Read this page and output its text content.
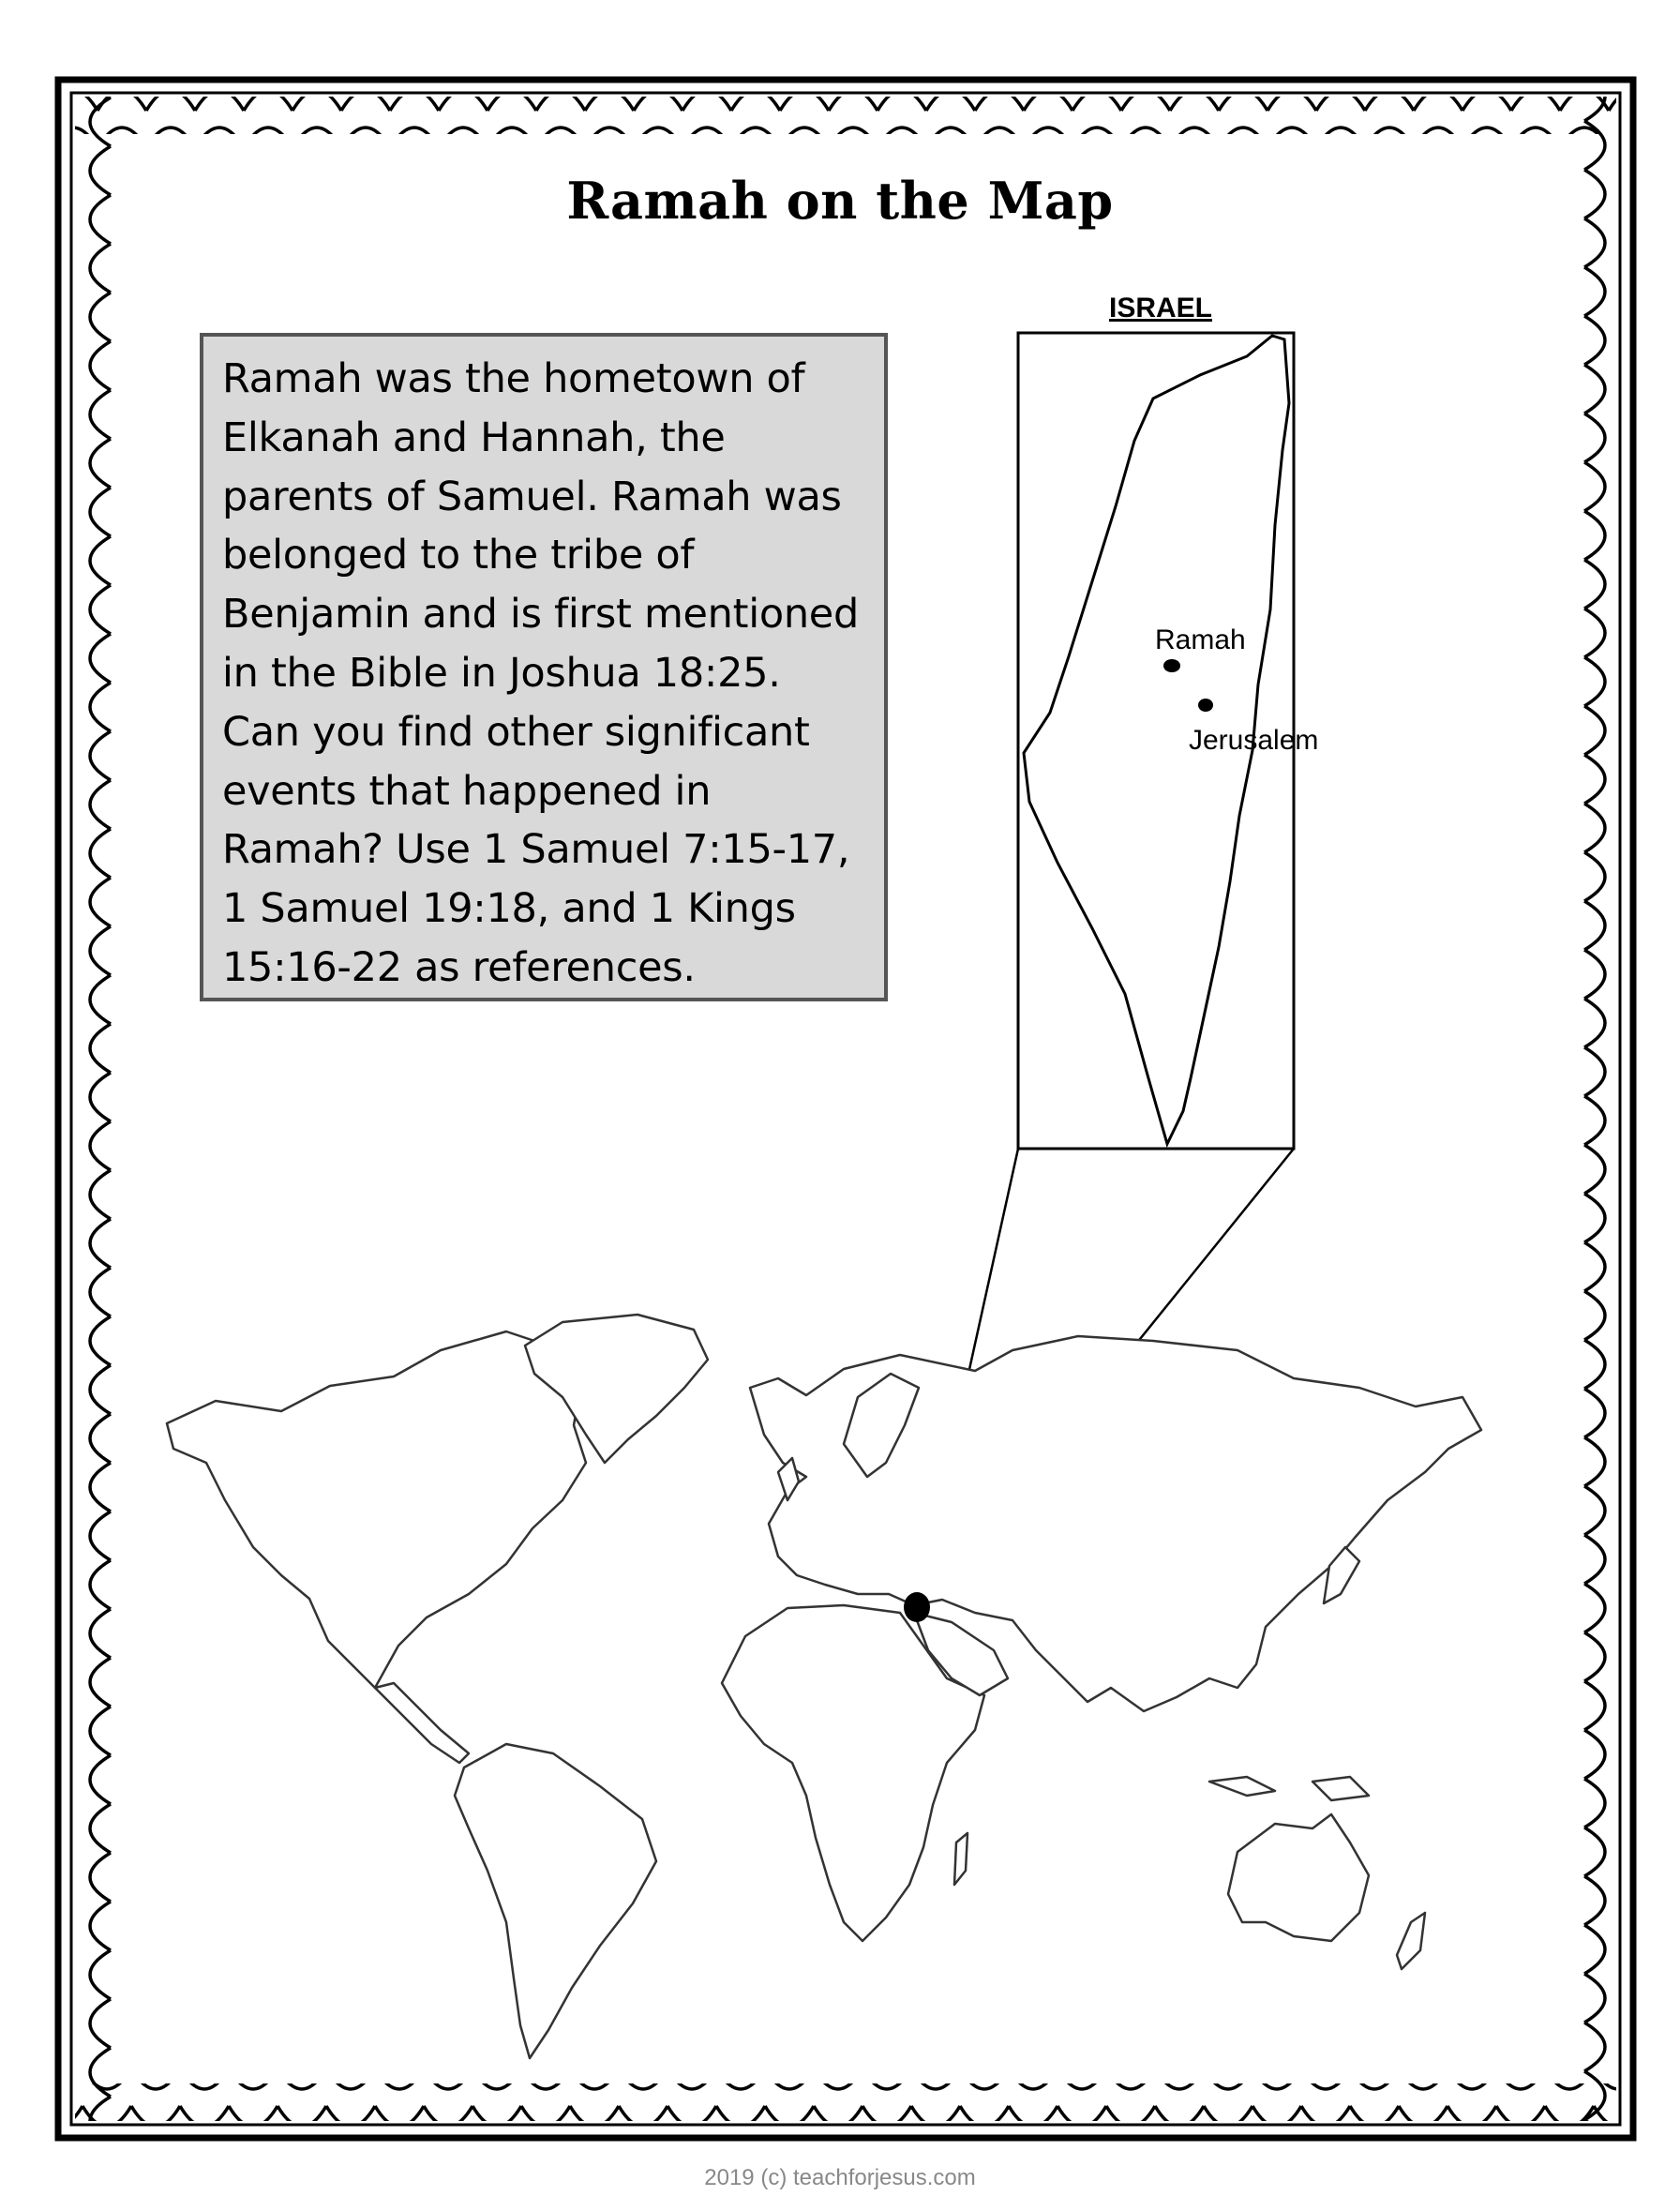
Ramah on the Map
Ramah was the hometown of
Elkanah and Hannah, the
parents of Samuel. Ramah was
belonged to the tribe of
Benjamin and is first mentioned
in the Bible in Joshua 18:25.
Can you find other significant
events that happened in
Ramah? Use 1 Samuel 7:15-17,
1 Samuel 19:18, and 1 Kings
15:16-22 as references.
ISRAEL
Ramah
Jerusalem
2019 (c) teachforjesus.com
